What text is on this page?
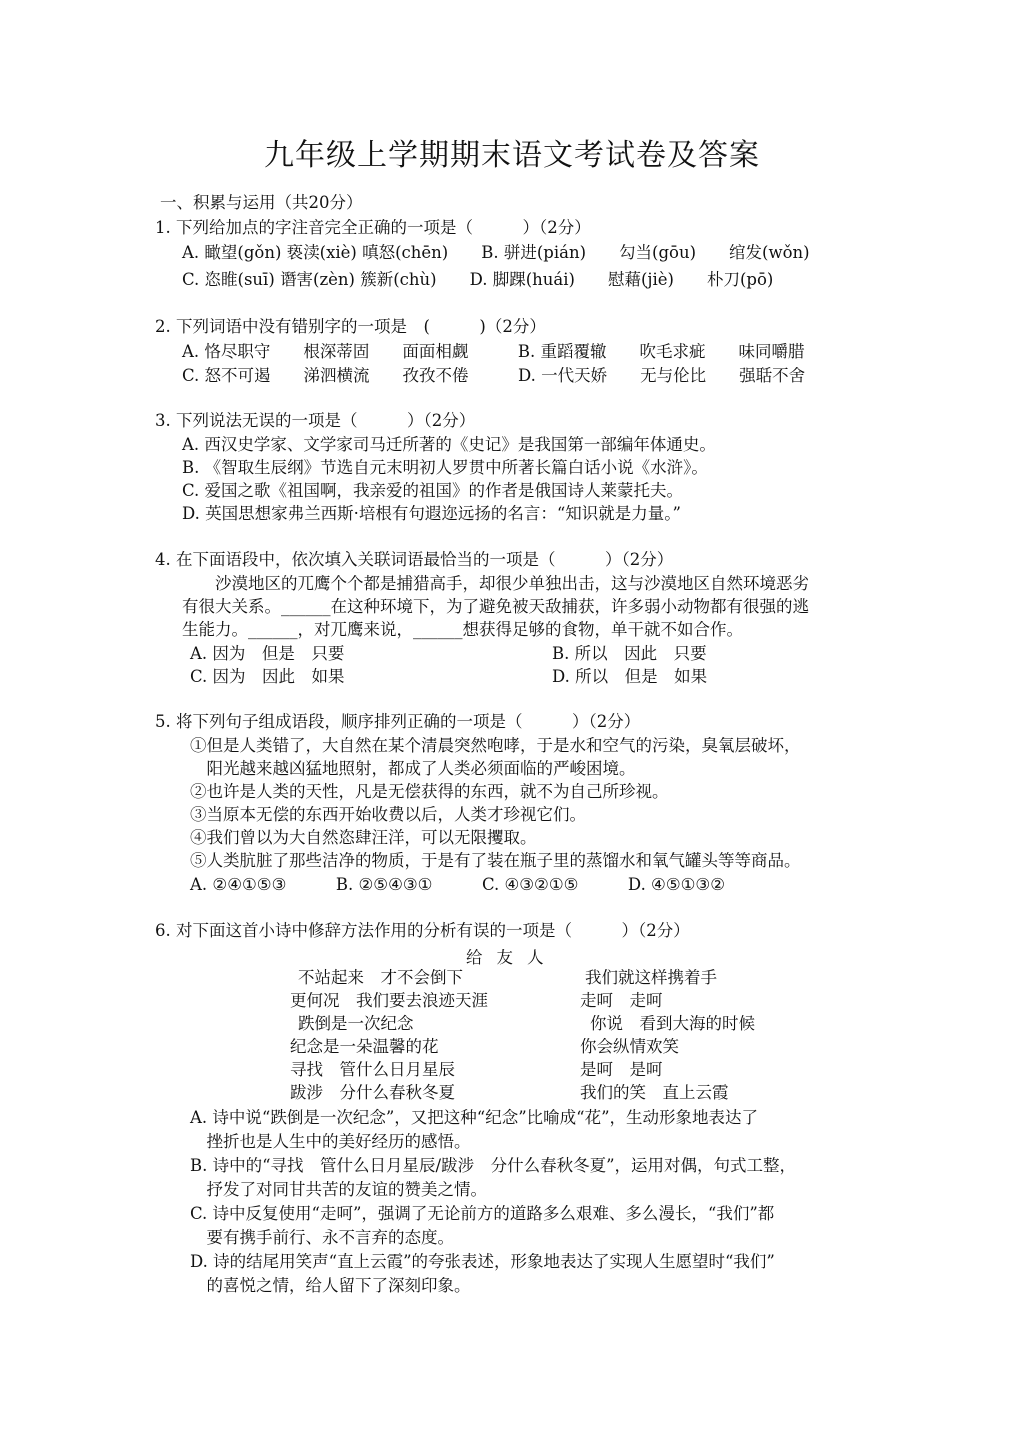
九年级上学期期末语文考试卷及答案
一、积累与运用（共20分）
1. 下列给加点的字注音完全正确的一项是（　　　）（2分）
A. 瞰望(gǒn) 亵渎(xiè) 嗔怒(chēn)　　B. 骈进(pián)　　勾当(gōu)　　绾发(wǒn)
C. 恣睢(suī) 谮害(zèn) 簇新(chù)　　D. 脚踝(huái)　　慰藉(jiè)　　朴刀(pō)
2. 下列词语中没有错别字的一项是　(　　　)（2分）
A. 恪尽职守　　根深蒂固　　面面相觑　　　B. 重蹈覆辙　　吹毛求疵　　味同嚼腊
C. 怒不可遏　　涕泗横流　　孜孜不倦　　　D. 一代天娇　　无与伦比　　强聒不舍
3. 下列说法无误的一项是（　　　）（2分）
A. 西汉史学家、文学家司马迁所著的《史记》是我国第一部编年体通史。
B. 《智取生辰纲》节选自元末明初人罗贯中所著长篇白话小说《水浒》。
C. 爱国之歌《祖国啊，我亲爱的祖国》的作者是俄国诗人莱蒙托夫。
D. 英国思想家弗兰西斯·培根有句遐迩远扬的名言：“知识就是力量。”
4. 在下面语段中，依次填入关联词语最恰当的一项是（　　　）（2分）
　　沙漠地区的兀鹰个个都是捕猎高手，却很少单独出击，这与沙漠地区自然环境恶劣
有很大关系。______在这种环境下，为了避免被天敌捕获，许多弱小动物都有很强的逃
生能力。______，对兀鹰来说，______想获得足够的食物，单干就不如合作。
A. 因为　但是　只要	B. 所以　因此　只要
C. 因为　因此　如果	D. 所以　但是　如果
5. 将下列句子组成语段，顺序排列正确的一项是（　　　）（2分）
①但是人类错了，大自然在某个清晨突然咆哮，于是水和空气的污染，臭氧层破坏，
　阳光越来越凶猛地照射，都成了人类必须面临的严峻困境。
②也许是人类的天性，凡是无偿获得的东西，就不为自己所珍视。
③当原本无偿的东西开始收费以后，人类才珍视它们。
④我们曾以为大自然恣肆汪洋，可以无限攫取。
⑤人类肮脏了那些洁净的物质，于是有了装在瓶子里的蒸馏水和氧气罐头等等商品。
A. ②④①⑤③　　　B. ②⑤④③①　　　C. ④③②①⑤　　　D. ④⑤①③②
6. 对下面这首小诗中修辞方法作用的分析有误的一项是（　　　）（2分）
给友人
不站起来　才不会倒下
更何况　我们要去浪迹天涯
跌倒是一次纪念
纪念是一朵温馨的花
寻找　管什么日月星辰
跋涉　分什么春秋冬夏
我们就这样携着手
走呵　走呵
你说　看到大海的时候
你会纵情欢笑
是呵　是呵
我们的笑　直上云霞
A. 诗中说“跌倒是一次纪念”，又把这种“纪念”比喻成“花”，生动形象地表达了
　挫折也是人生中的美好经历的感悟。
B. 诗中的“寻找　管什么日月星辰/跋涉　分什么春秋冬夏”，运用对偶，句式工整，
　抒发了对同甘共苦的友谊的赞美之情。
C. 诗中反复使用“走呵”，强调了无论前方的道路多么艰难、多么漫长，“我们”都
　要有携手前行、永不言弃的态度。
D. 诗的结尾用笑声“直上云霞”的夸张表述，形象地表达了实现人生愿望时“我们”
　的喜悦之情，给人留下了深刻印象。
